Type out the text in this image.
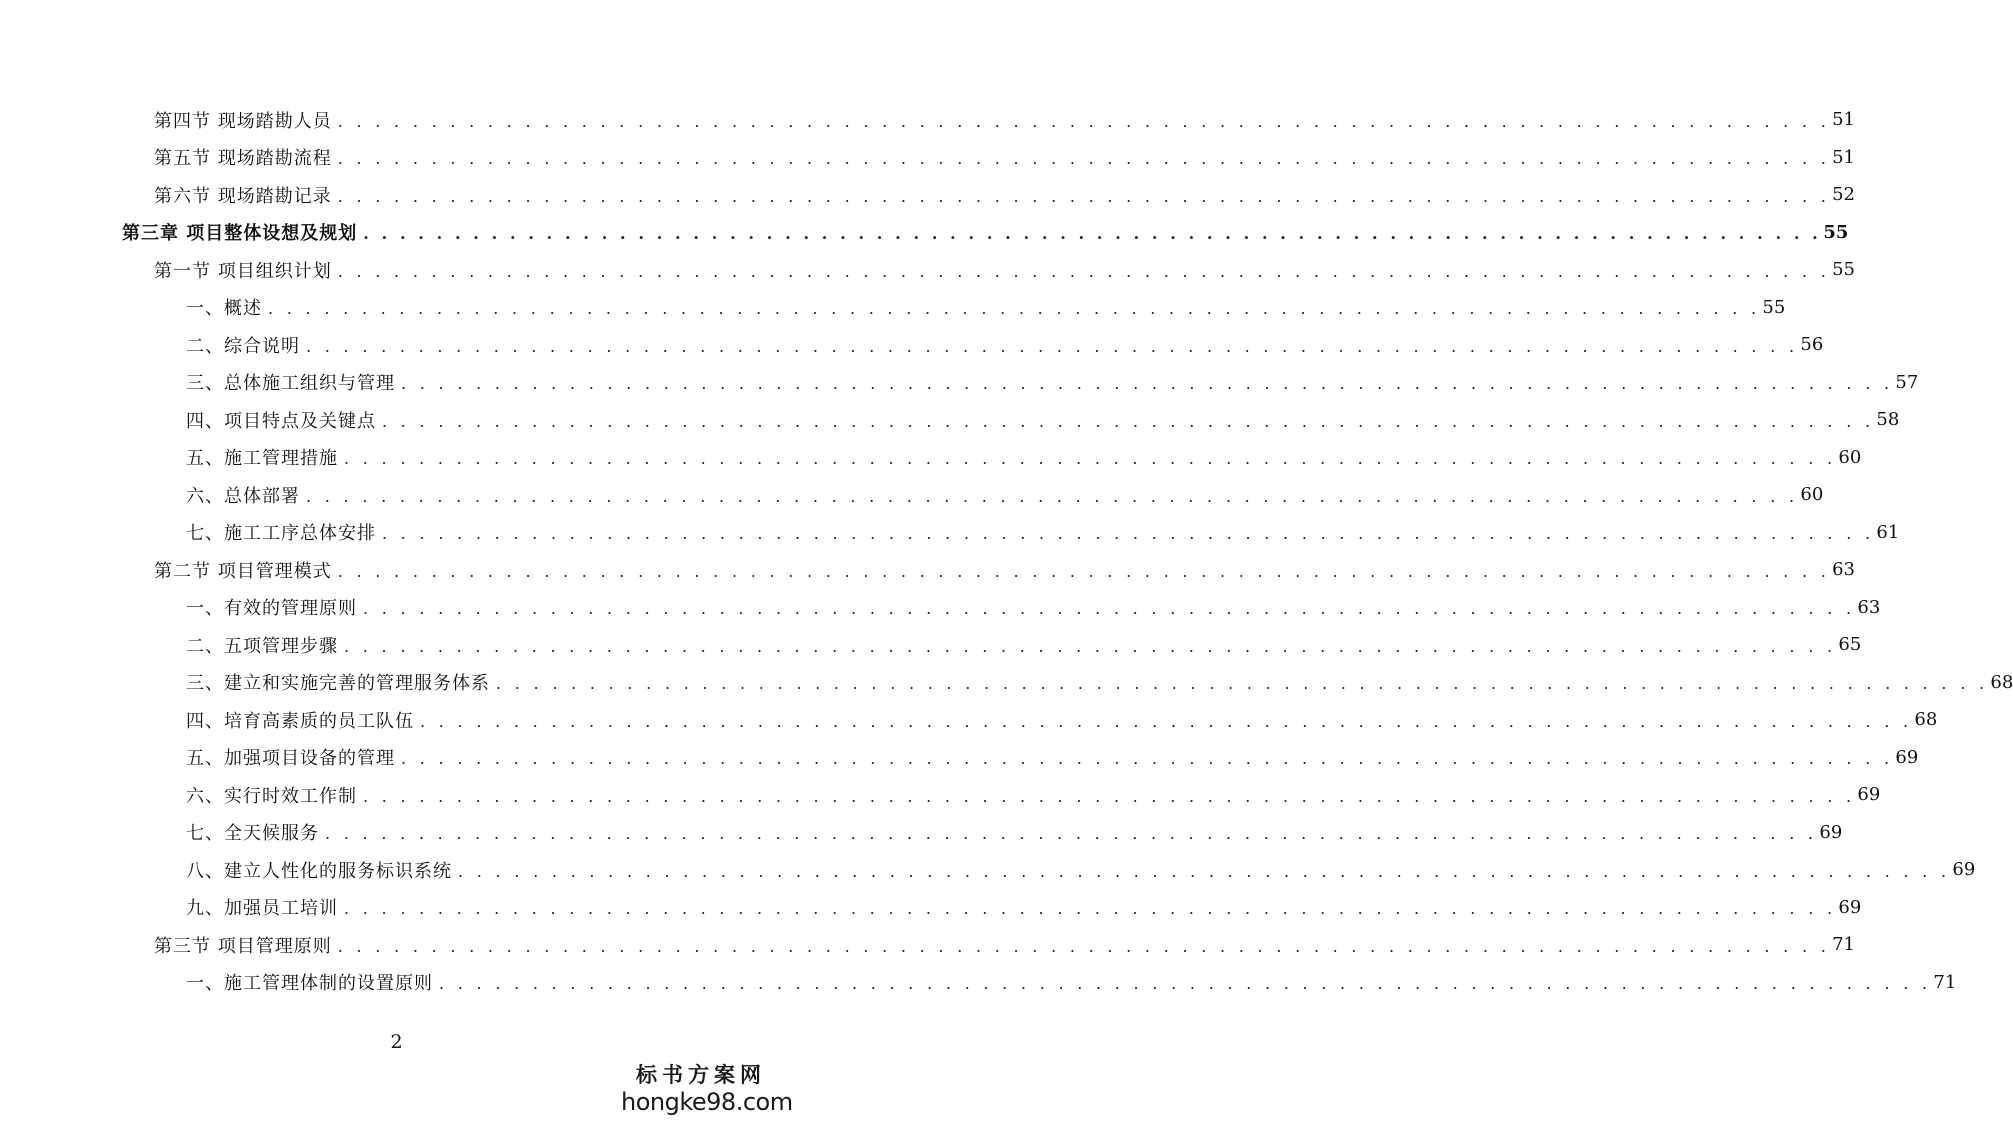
第四节 现场踏勘人员 . . . . . . . . . . . . . . . . . . . . . . . . . . . . . . . . . . . . . . . . . . . . . . . . . . . . . . . . . . . . . . . . . . . . . . . . . . . . . . . . 51
第五节 现场踏勘流程 . . . . . . . . . . . . . . . . . . . . . . . . . . . . . . . . . . . . . . . . . . . . . . . . . . . . . . . . . . . . . . . . . . . . . . . . . . . . . . . . 51
第六节 现场踏勘记录 . . . . . . . . . . . . . . . . . . . . . . . . . . . . . . . . . . . . . . . . . . . . . . . . . . . . . . . . . . . . . . . . . . . . . . . . . . . . . . . . 52
第三章 项目整体设想及规划 . . . . . . . . . . . . . . . . . . . . . . . . . . . . . . . . . . . . . . . . . . . . . . . . . . . . . . . . . . . . . . . . . . . . . . . . . . . . . . . . 55
第一节 项目组织计划 . . . . . . . . . . . . . . . . . . . . . . . . . . . . . . . . . . . . . . . . . . . . . . . . . . . . . . . . . . . . . . . . . . . . . . . . . . . . . . . . 55
一、概述 . . . . . . . . . . . . . . . . . . . . . . . . . . . . . . . . . . . . . . . . . . . . . . . . . . . . . . . . . . . . . . . . . . . . . . . . . . . . . . . . 55
二、综合说明 . . . . . . . . . . . . . . . . . . . . . . . . . . . . . . . . . . . . . . . . . . . . . . . . . . . . . . . . . . . . . . . . . . . . . . . . . . . . . . . . 56
三、总体施工组织与管理 . . . . . . . . . . . . . . . . . . . . . . . . . . . . . . . . . . . . . . . . . . . . . . . . . . . . . . . . . . . . . . . . . . . . . . . . . . . . . . . . 57
四、项目特点及关键点 . . . . . . . . . . . . . . . . . . . . . . . . . . . . . . . . . . . . . . . . . . . . . . . . . . . . . . . . . . . . . . . . . . . . . . . . . . . . . . . . 58
五、施工管理措施 . . . . . . . . . . . . . . . . . . . . . . . . . . . . . . . . . . . . . . . . . . . . . . . . . . . . . . . . . . . . . . . . . . . . . . . . . . . . . . . . 60
六、总体部署 . . . . . . . . . . . . . . . . . . . . . . . . . . . . . . . . . . . . . . . . . . . . . . . . . . . . . . . . . . . . . . . . . . . . . . . . . . . . . . . . 60
七、施工工序总体安排 . . . . . . . . . . . . . . . . . . . . . . . . . . . . . . . . . . . . . . . . . . . . . . . . . . . . . . . . . . . . . . . . . . . . . . . . . . . . . . . . 61
第二节 项目管理模式 . . . . . . . . . . . . . . . . . . . . . . . . . . . . . . . . . . . . . . . . . . . . . . . . . . . . . . . . . . . . . . . . . . . . . . . . . . . . . . . . 63
一、有效的管理原则 . . . . . . . . . . . . . . . . . . . . . . . . . . . . . . . . . . . . . . . . . . . . . . . . . . . . . . . . . . . . . . . . . . . . . . . . . . . . . . . . 63
二、五项管理步骤 . . . . . . . . . . . . . . . . . . . . . . . . . . . . . . . . . . . . . . . . . . . . . . . . . . . . . . . . . . . . . . . . . . . . . . . . . . . . . . . . 65
三、建立和实施完善的管理服务体系 . . . . . . . . . . . . . . . . . . . . . . . . . . . . . . . . . . . . . . . . . . . . . . . . . . . . . . . . . . . . . . . . . . . . . . . . . . . . . . . . 68
四、培育高素质的员工队伍 . . . . . . . . . . . . . . . . . . . . . . . . . . . . . . . . . . . . . . . . . . . . . . . . . . . . . . . . . . . . . . . . . . . . . . . . . . . . . . . . 68
五、加强项目设备的管理 . . . . . . . . . . . . . . . . . . . . . . . . . . . . . . . . . . . . . . . . . . . . . . . . . . . . . . . . . . . . . . . . . . . . . . . . . . . . . . . . 69
六、实行时效工作制 . . . . . . . . . . . . . . . . . . . . . . . . . . . . . . . . . . . . . . . . . . . . . . . . . . . . . . . . . . . . . . . . . . . . . . . . . . . . . . . . 69
七、全天候服务 . . . . . . . . . . . . . . . . . . . . . . . . . . . . . . . . . . . . . . . . . . . . . . . . . . . . . . . . . . . . . . . . . . . . . . . . . . . . . . . . 69
八、建立人性化的服务标识系统 . . . . . . . . . . . . . . . . . . . . . . . . . . . . . . . . . . . . . . . . . . . . . . . . . . . . . . . . . . . . . . . . . . . . . . . . . . . . . . . . 69
九、加强员工培训 . . . . . . . . . . . . . . . . . . . . . . . . . . . . . . . . . . . . . . . . . . . . . . . . . . . . . . . . . . . . . . . . . . . . . . . . . . . . . . . . 69
第三节 项目管理原则 . . . . . . . . . . . . . . . . . . . . . . . . . . . . . . . . . . . . . . . . . . . . . . . . . . . . . . . . . . . . . . . . . . . . . . . . . . . . . . . . 71
一、施工管理体制的设置原则 . . . . . . . . . . . . . . . . . . . . . . . . . . . . . . . . . . . . . . . . . . . . . . . . . . . . . . . . . . . . . . . . . . . . . . . . . . . . . . . . 71
2
标书方案网
hongke98.com
